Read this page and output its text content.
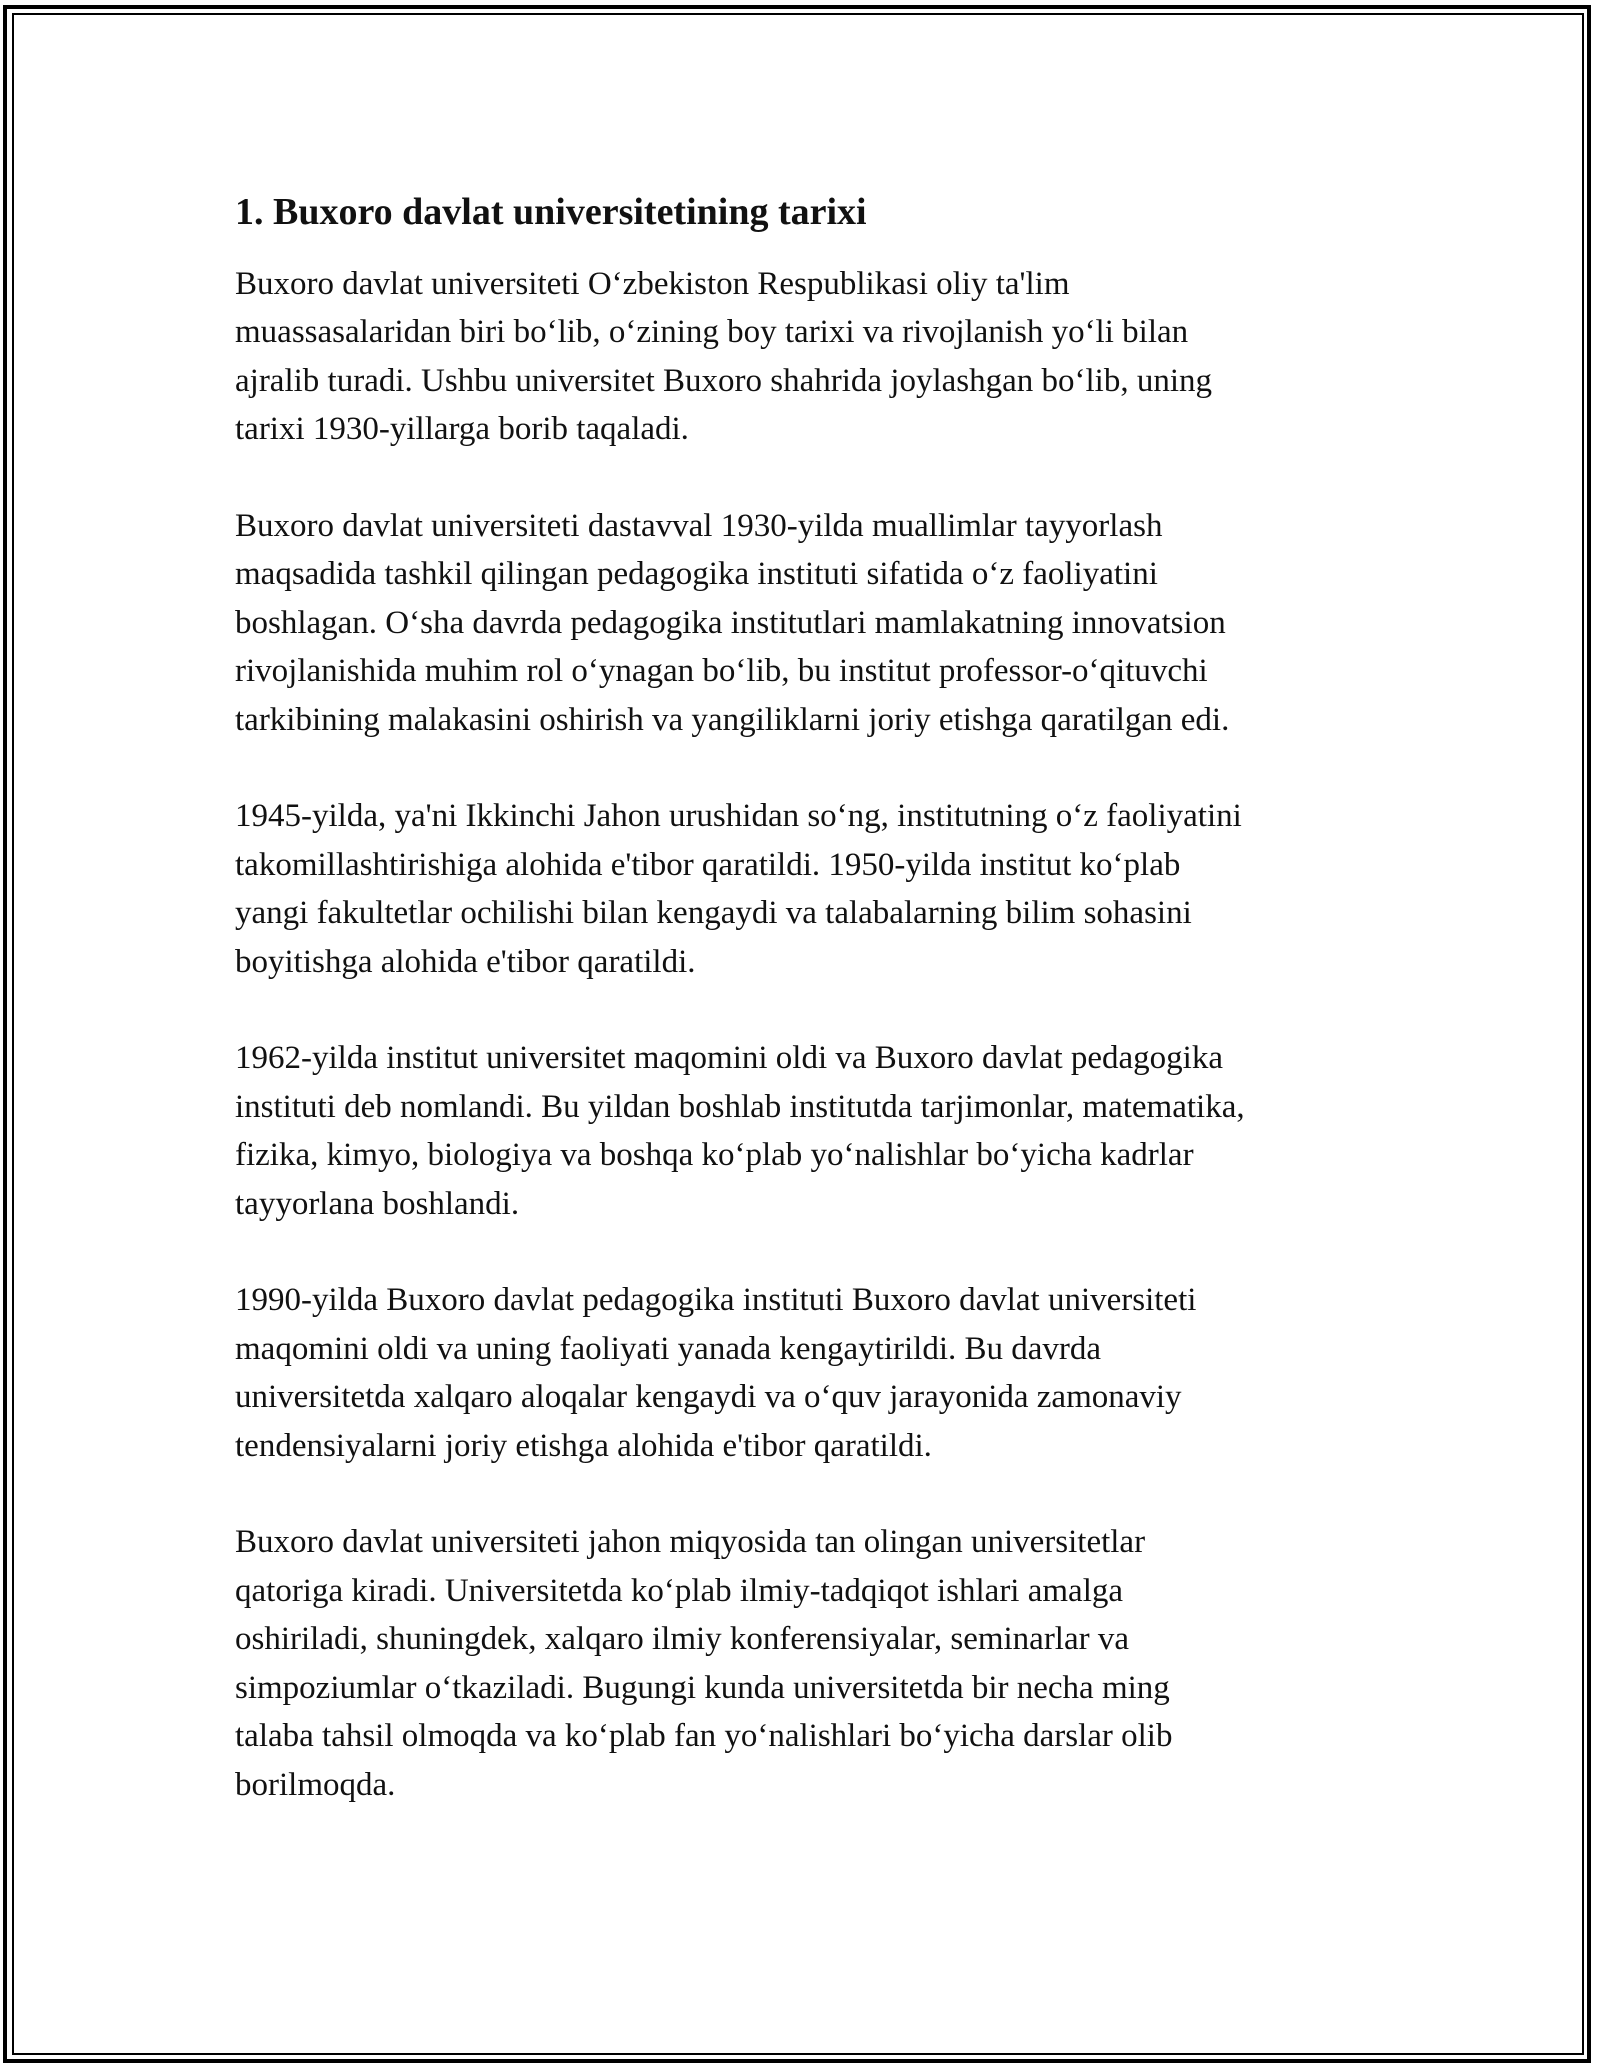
1. Buxoro davlat universitetining tarixi

Buxoro davlat universiteti O‘zbekiston Respublikasi oliy ta'lim
muassasalaridan biri bo‘lib, o‘zining boy tarixi va rivojlanish yo‘li bilan
ajralib turadi. Ushbu universitet Buxoro shahrida joylashgan bo‘lib, uning
tarixi 1930-yillarga borib taqaladi.

Buxoro davlat universiteti dastavval 1930-yilda muallimlar tayyorlash
maqsadida tashkil qilingan pedagogika instituti sifatida o‘z faoliyatini
boshlagan. O‘sha davrda pedagogika institutlari mamlakatning innovatsion
rivojlanishida muhim rol o‘ynagan bo‘lib, bu institut professor-o‘qituvchi
tarkibining malakasini oshirish va yangiliklarni joriy etishga qaratilgan edi.

1945-yilda, ya'ni Ikkinchi Jahon urushidan so‘ng, institutning o‘z faoliyatini
takomillashtirishiga alohida e'tibor qaratildi. 1950-yilda institut ko‘plab
yangi fakultetlar ochilishi bilan kengaydi va talabalarning bilim sohasini
boyitishga alohida e'tibor qaratildi.

1962-yilda institut universitet maqomini oldi va Buxoro davlat pedagogika
instituti deb nomlandi. Bu yildan boshlab institutda tarjimonlar, matematika,
fizika, kimyo, biologiya va boshqa ko‘plab yo‘nalishlar bo‘yicha kadrlar
tayyorlana boshlandi.

1990-yilda Buxoro davlat pedagogika instituti Buxoro davlat universiteti
maqomini oldi va uning faoliyati yanada kengaytirildi. Bu davrda
universitetda xalqaro aloqalar kengaydi va o‘quv jarayonida zamonaviy
tendensiyalarni joriy etishga alohida e'tibor qaratildi.

Buxoro davlat universiteti jahon miqyosida tan olingan universitetlar
qatoriga kiradi. Universitetda ko‘plab ilmiy-tadqiqot ishlari amalga
oshiriladi, shuningdek, xalqaro ilmiy konferensiyalar, seminarlar va
simpoziumlar o‘tkaziladi. Bugungi kunda universitetda bir necha ming
talaba tahsil olmoqda va ko‘plab fan yo‘nalishlari bo‘yicha darslar olib
borilmoqda.
